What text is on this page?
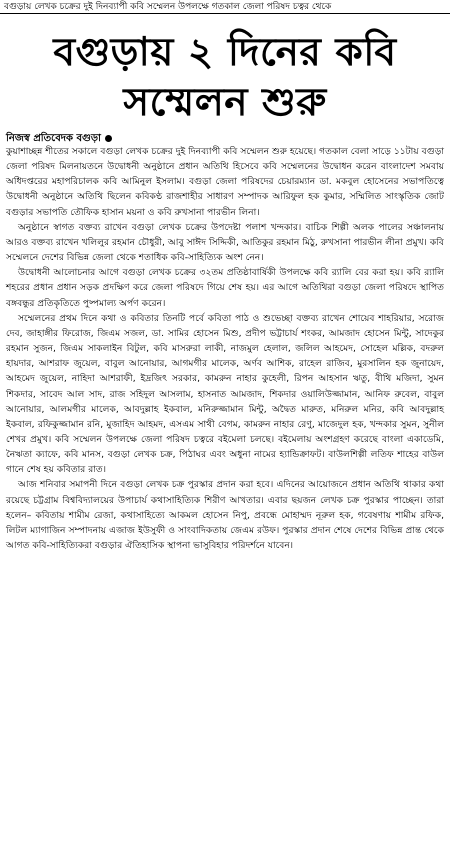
বগুড়ায় লেখক চক্রের দুই দিনব্যাপী কবি সম্মেলন উপলক্ষে গতকাল জেলা পরিষদ চত্বর থেকে
বগুড়ায় ২ দিনের কবি
সম্মেলন শুরু
নিজস্ব প্রতিবেদক বগুড়া

কুয়াশাচ্ছন্ন শীতের সকালে বগুড়া লেখক চক্রের দুই দিনব্যাপী কবি সম্মেলন শুরু হয়েছে। গতকাল বেলা সাড়ে ১১টায় বগুড়া জেলা পরিষদ মিলনায়তনে উদ্বোধনী অনুষ্ঠানে প্রধান অতিথি হিসেবে কবি সম্মেলনের উদ্বোধন করেন বাংলাদেশ সমবায় অধিদপ্তরের মহাপরিচালক কবি আমিনুল ইসলাম। বগুড়া জেলা পরিষদের চেয়ারম্যান ডা. মকবুল হোসেনের সভাপতিত্বে উদ্বোধনী অনুষ্ঠানে অতিথি ছিলেন কবিকণ্ঠ রাজশাহীর সাধারণ সম্পাদক আরিফুল হক কুমার, সম্মিলিত সাংস্কৃতিক জোট বগুড়ার সভাপতি তৌফিক হাসান ময়না ও কবি রুখসানা পারভীন লিনা।

অনুষ্ঠানে স্বাগত বক্তব্য রাখেন বগুড়া লেখক চক্রের উপদেষ্টা পলাশ খন্দকার। বাচিক শিল্পী অলক পালের সঞ্চালনায় আরও বক্তব্য রাখেন খলিলুর রহমান চৌধুরী, আবু সাঈদ সিদ্দিকী, আতিকুর রহমান মিঠু, রুখসানা পারভীন লীনা প্রমুখ। কবি সম্মেলনে দেশের বিভিন্ন জেলা থেকে শতাধিক কবি-সাহিত্যিক অংশ নেন।

উদ্বোধনী আলোচনার আগে বগুড়া লেখক চক্রের ৩২তম প্রতিষ্ঠাবার্ষিকী উপলক্ষে কবি র‍্যালি বের করা হয়। কবি র‍্যালি শহরের প্রধান প্রধান সড়ক প্রদক্ষিণ করে জেলা পরিষদে গিয়ে শেষ হয়। এর আগে অতিথিরা বগুড়া জেলা পরিষদে স্থাপিত বঙ্গবন্ধুর প্রতিকৃতিতে পুষ্পমাল্য অর্পণ করেন।

সম্মেলনের প্রথম দিনে কথা ও কবিতার তিনটি পর্বে কবিতা পাঠ ও শুভেচ্ছা বক্তব্য রাখেন শোয়েব শাহরিয়ার, সরোজ দেব, জাহাঙ্গীর ফিরোজ, জিএম সজল, ডা. সামির হোসেন মিশু, প্রদীপ ভট্টাচার্য শংকর, আমজাদ হোসেন মিন্টু, সাদেকুর রহমান সুজন, জিএম সাকলাইন বিটুল, কবি মাসরুরা লাকী, নাজমুল হেলাল, জলিল আহমেদ, সোহেল মল্লিক, বদরুল হায়দার, আশরাফ জুয়েল, বাবুল আনোয়ার, আগমগীর মালেক, অর্ণব আশিক, রাহেল রাজিব, মুরসালিন হক জুনায়েদ, আহমেদ জুয়েল, নাহিদা আশরাফী, ইদ্রজিৎ সরকার, কামরুন নাহার কুহেলী, রিপন আহসান ঋতু, বীথি মজিদা, সুমন শিকদার, সাবেদ আল সাদ, রাজ সহিদুল আসলাম, হাসনাত আমজাদ, শিকদার ওয়ালিউজ্জামান, আনিফ রুবেল, বাবুল আনোয়ার, আলমগীর মালেক, আবদুল্লাহ ইকবাল, মনিরুজ্জামান মিন্টু, অদ্বৈত মারুত, মনিরুল মনির, কবি আবদুল্লাহ ইকবাল, রফিকুজ্জামান রনি, মুজাহিদ আহমদ, এসএম সাথী বেগম, কামরুন নাহার রেণু, মাজেদুল হক, খন্দকার সুমন, সুনীল শেখর প্রমুখ। কবি সম্মেলন উপলক্ষে জেলা পরিষদ চত্বরে বইমেলা চলছে। বইমেলায় অংশগ্রহণ করেছে বাংলা একাডেমি, নৈঋতা ক্যাফে, কবি মানস, বগুড়া লেখক চক্র, পিঠাঘর এবং অধুনা নামের হ্যান্ডিক্রাফট। বাউলশিল্পী লতিফ শাহের বাউল গানে শেষ হয় কবিতার রাত।

আজ শনিবার সমাপনী দিনে বগুড়া লেখক চক্র পুরস্কার প্রদান করা হবে। এদিনের আয়োজনে প্রধান অতিথি থাকার কথা রয়েছে চট্টগ্রাম বিশ্ববিদ্যালয়ের উপাচার্য কথাসাহিত্যিক শিরীণ আখতার। এবার ছয়জন লেখক চক্র পুরস্কার পাচ্ছেন। তারা হলেন– কবিতায় শামীম রেজা, কথাসাহিত্যে আকমল হোসেন নিপু, প্রবন্ধে মোহাম্মদ নূরুল হক, গবেষণায় শামীম রফিক, লিটল ম্যাগাজিন সম্পাদনায় এজাজ ইউসুফী ও সাংবাদিকতায় জেএম রউফ। পুরস্কার প্রদান শেষে দেশের বিভিন্ন প্রান্ত থেকে আগত কবি-সাহিত্যিকরা বগুড়ার ঐতিহাসিক স্থাপনা ভাসুবিহার পরিদর্শনে যাবেন।
